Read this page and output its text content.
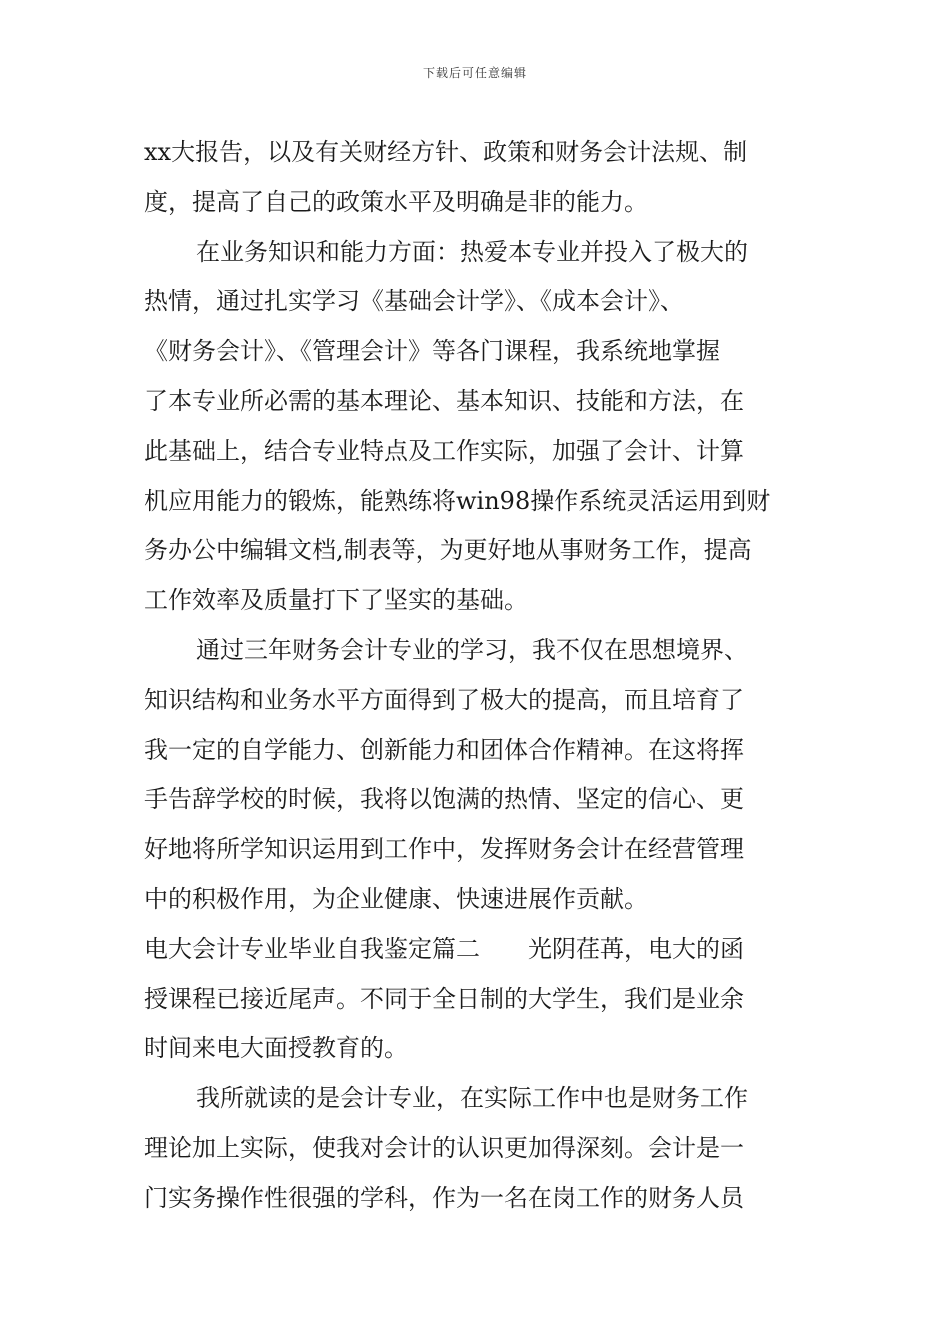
下载后可任意编辑
xx大报告，以及有关财经方针、政策和财务会计法规、制
度，提高了自己的政策水平及明确是非的能力。
在业务知识和能力方面：热爱本专业并投入了极大的
热情，通过扎实学习《基础会计学》、《成本会计》、
《财务会计》、《管理会计》等各门课程，我系统地掌握
了本专业所必需的基本理论、基本知识、技能和方法，在
此基础上，结合专业特点及工作实际，加强了会计、计算
机应用能力的锻炼，能熟练将win98操作系统灵活运用到财
务办公中编辑文档,制表等，为更好地从事财务工作，提高
工作效率及质量打下了坚实的基础。
通过三年财务会计专业的学习，我不仅在思想境界、
知识结构和业务水平方面得到了极大的提高，而且培育了
我一定的自学能力、创新能力和团体合作精神。在这将挥
手告辞学校的时候，我将以饱满的热情、坚定的信心、更
好地将所学知识运用到工作中，发挥财务会计在经营管理
中的积极作用，为企业健康、快速进展作贡献。
电大会计专业毕业自我鉴定篇二 光阴荏苒，电大的函
授课程已接近尾声。不同于全日制的大学生，我们是业余
时间来电大面授教育的。
我所就读的是会计专业，在实际工作中也是财务工作
理论加上实际，使我对会计的认识更加得深刻。会计是一
门实务操作性很强的学科，作为一名在岗工作的财务人员
